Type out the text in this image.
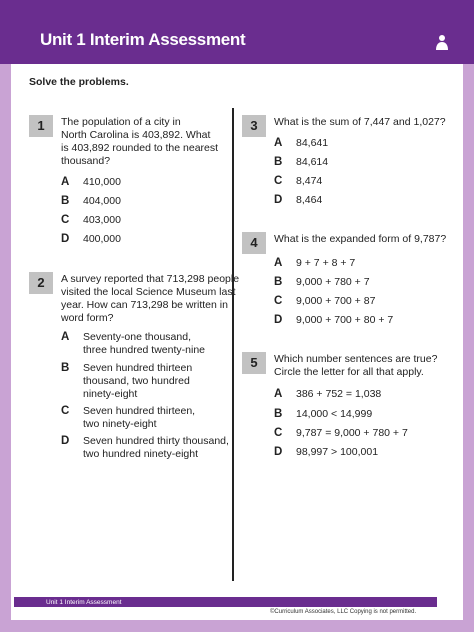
Unit 1 Interim Assessment
Solve the problems.
1	The population of a city in
North Carolina is 403,892. What
is 403,892 rounded to the nearest
thousand?
A 410,000
B 404,000
C 403,000
D 400,000
2	A survey reported that 713,298 people
visited the local Science Museum last
year. How can 713,298 be written in
word form?
A Seventy-one thousand,
three hundred twenty-nine
B Seven hundred thirteen
thousand, two hundred
ninety-eight
C Seven hundred thirteen,
two ninety-eight
D Seven hundred thirty thousand,
two hundred ninety-eight
3	What is the sum of 7,447 and 1,027?
A 84,641
B 84,614
C 8,474
D 8,464
4	What is the expanded form of 9,787?
A 9 + 7 + 8 + 7
B 9,000 + 780 + 7
C 9,000 + 700 + 87
D 9,000 + 700 + 80 + 7
5	Which number sentences are true?
Circle the letter for all that apply.
A 386 + 752 = 1,038
B 14,000 < 14,999
C 9,787 = 9,000 + 780 + 7
D 98,997 > 100,001
34	Unit 1 Interim Assessment
©Curriculum Associates, LLC Copying is not permitted.
